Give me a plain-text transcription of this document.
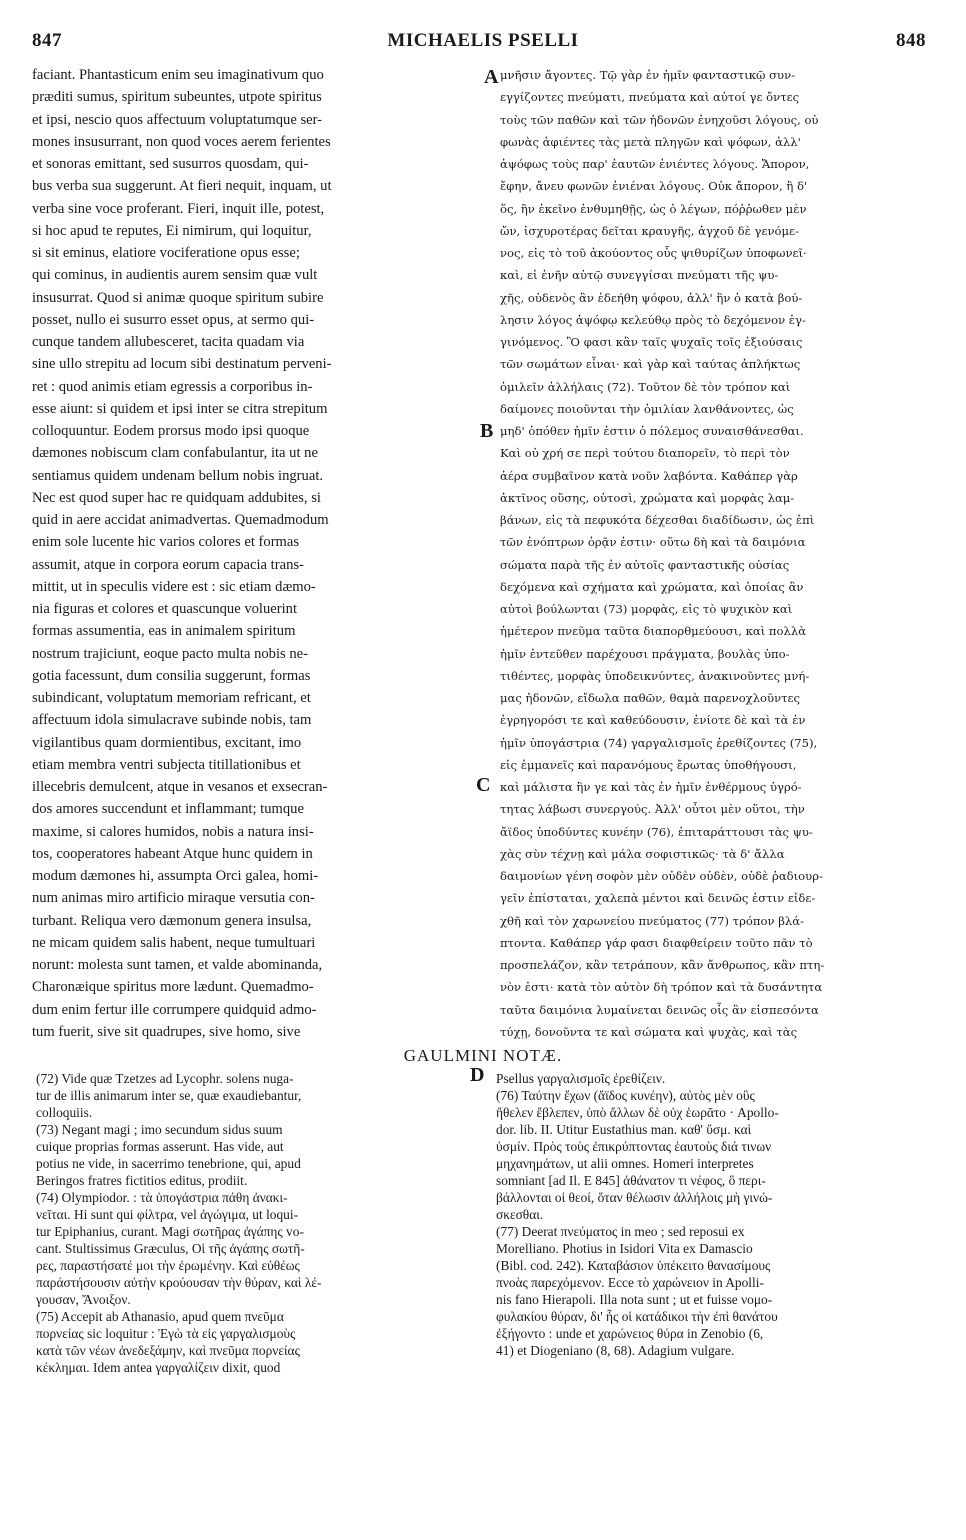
847	MICHAELIS PSELLI	848
faciant. Phantasticum enim seu imaginativum quo
præditi sumus, spiritum subeuntes, utpote spiritus
et ipsi, nescio quos affectuum voluptatumque ser-
mones insusurrant, non quod voces aerem ferientes
et sonoras emittant, sed susurros quosdam, qui-
bus verba sua suggerunt. At fieri nequit, inquam, ut
verba sine voce proferant. Fieri, inquit ille, potest,
si hoc apud te reputes, Ei nimirum, qui loquitur,
si sit eminus, elatiore vociferatione opus esse;
qui cominus, in audientis aurem sensim quæ vult
insusurrat. Quod si animæ quoque spiritum subire
posset, nullo ei susurro esset opus, at sermo qui-
cunque tandem allubesceret, tacita quadam via
sine ullo strepitu ad locum sibi destinatum perveni-
ret : quod animis etiam egressis a corporibus in-
esse aiunt: si quidem et ipsi inter se citra strepitum
colloquuntur. Eodem prorsus modo ipsi quoque
dæmones nobiscum clam confabulantur, ita ut ne
sentiamus quidem undenam bellum nobis ingruat.
Nec est quod super hac re quidquam addubites, si
quid in aere accidat animadvertas. Quemadmodum
enim sole lucente hic varios colores et formas
assumit, atque in corpora eorum capacia trans-
mittit, ut in speculis videre est : sic etiam dæmo-
nia figuras et colores et quascunque voluerint
formas assumentia, eas in animalem spiritum
nostrum trajiciunt, eoque pacto multa nobis ne-
gotia facessunt, dum consilia suggerunt, formas
subindicant, voluptatum memoriam refricant, et
affectuum idola simulacrave subinde nobis, tam
vigilantibus quam dormientibus, excitant, imo
etiam membra ventri subjecta titillationibus et
illecebris demulcent, atque in vesanos et exsecran-
dos amores succendunt et inflammant; tumque
maxime, si calores humidos, nobis a natura insi-
tos, cooperatores habeant Atque hunc quidem in
modum dæmones hi, assumpta Orci galea, homi-
num animas miro artificio miraque versutia con-
turbant. Reliqua vero dæmonum genera insulsa,
ne micam quidem salis habent, neque tumultuari
norunt: molesta sunt tamen, et valde abominanda,
Charonæique spiritus more lædunt. Quemadmo-
dum enim fertur ille corrumpere quidquid admo-
tum fuerit, sive sit quadrupes, sive homo, sive
μνῆσιν ἄγοντες. Τῷ γὰρ ἐν ἡμῖν φανταστικῷ συν-
εγγίζοντες πνεύματι, πνεύματα καὶ αὐτοί γε ὄντες
τοὺς τῶν παθῶν καὶ τῶν ἡδονῶν ἐνηχοῦσι λόγους, οὐ
φωνὰς ἀφιέντες τὰς μετὰ πληγῶν καὶ ψόφων, ἀλλ'
ἀψόφως τοὺς παρ' ἑαυτῶν ἐνιέντες λόγους. Ἄπορον,
ἔφην, ἄνευ φωνῶν ἐνιέναι λόγους. Οὐκ ἄπορον, ἢ δ'
ὅς, ἢν ἐκεῖνο ἐνθυμηθῇς, ὡς ὁ λέγων, πόῤῥωθεν μὲν
ὤν, ἰσχυροτέρας δεῖται κραυγῆς, ἀγχοῦ δὲ γενόμε-
νος, εἰς τὸ τοῦ ἀκούοντος οὖς ψιθυρίζων ὑποφωνεῖ·
καὶ, εἰ ἐνῆν αὐτῷ συνεγγίσαι πνεύματι τῆς ψυ-
χῆς, οὐδενὸς ἂν ἐδεήθη ψόφου, ἀλλ' ἣν ὁ κατὰ βού-
λησιν λόγος ἀψόφῳ κελεύθῳ πρὸς τὸ δεχόμενον ἐγ-
γινόμενος. Ὃ φασι κἂν ταῖς ψυχαῖς τοῖς ἐξιούσαις
τῶν σωμάτων εἶναι· καὶ γὰρ καὶ ταύτας ἀπλήκτως
ὁμιλεῖν ἀλλήλαις (72). Τοῦτον δὲ τὸν τρόπον καὶ
δαίμονες ποιοῦνται τὴν ὁμιλίαν λανθάνοντες, ὡς
μηδ' ὁπόθεν ἡμῖν ἐστιν ὁ πόλεμος συναισθάνεσθαι.
Καὶ οὐ χρή σε περὶ τούτου διαπορεῖν, τὸ περὶ τὸν
ἀέρα συμβαῖνον κατὰ νοῦν λαβόντα. Καθάπερ γὰρ
ἀκτῖνος οὔσης, οὑτοσὶ, χρώματα καὶ μορφὰς λαμ-
βάνων, εἰς τὰ πεφυκότα δέχεσθαι διαδίδωσιν, ὡς ἐπὶ
τῶν ἐνόπτρων ὁρᾷν ἐστιν· οὕτω δὴ καὶ τὰ δαιμόνια
σώματα παρὰ τῆς ἐν αὐτοῖς φανταστικῆς οὐσίας
δεχόμενα καὶ σχήματα καὶ χρώματα, καὶ ὁποίας ἂν
αὐτοὶ βούλωνται (73) μορφὰς, εἰς τὸ ψυχικὸν καὶ
ἡμέτερον πνεῦμα ταῦτα διαπορθμεύουσι, καὶ πολλὰ
ἡμῖν ἐντεῦθεν παρέχουσι πράγματα, βουλὰς ὑπο-
τιθέντες, μορφὰς ὑποδεικνύντες, ἀνακινοῦντες μνή-
μας ἡδονῶν, εἴδωλα παθῶν, θαμὰ παρενοχλοῦντες
ἐγρηγορόσι τε καὶ καθεύδουσιν, ἐνίοτε δὲ καὶ τὰ ἐν
ἡμῖν ὑπογάστρια (74) γαργαλισμοῖς ἐρεθίζοντες (75),
εἰς ἐμμανεῖς καὶ παρανόμους ἔρωτας ὑποθήγουσι,
καὶ μάλιστα ἢν γε καὶ τὰς ἐν ἡμῖν ἐνθέρμους ὑγρό-
τητας λάβωσι συνεργούς. Ἀλλ' οὗτοι μὲν οὕτοι, τὴν
ἄϊδος ὑποδύντες κυνέην (76), ἐπιταράττουσι τὰς ψυ-
χὰς σὺν τέχνῃ καὶ μάλα σοφιστικῶς· τὰ δ' ἄλλα
δαιμονίων γένη σοφὸν μὲν οὐδὲν οὐδὲν, οὐδὲ ῥαδιουρ-
γεῖν ἐπίσταται, χαλεπὰ μέντοι καὶ δεινῶς ἐστιν εἰδε-
χθῆ καὶ τὸν χαρωνείου πνεύματος (77) τρόπον βλά-
πτοντα. Καθάπερ γάρ φασι διαφθείρειν τοῦτο πᾶν τὸ
προσπελάζον, κἂν τετράπουν, κἂν ἄνθρωπος, κἂν πτη-
νὸν ἐστι· κατὰ τὸν αὐτὸν δὴ τρόπον καὶ τὰ δυσάντητα
ταῦτα δαιμόνια λυμαίνεται δεινῶς οἷς ἂν εἰσπεσόντα
τύχῃ, δονοῦντα τε καὶ σώματα καὶ ψυχὰς, καὶ τὰς
A
B
C
D
GAULMINI NOTÆ.
(72) Vide quæ Tzetzes ad Lycophr. solens nuga-
tur de illis animarum inter se, quæ exaudiebantur,
colloquiis.
(73) Negant magi ; imo secundum sidus suum
cuique proprias formas asserunt. Has vide, aut
potius ne vide, in sacerrimo tenebrione, qui, apud
Beringos fratres fictitios editus, prodiit.
(74) Olympiodor. : τὰ ὑπογάστρια πάθη ἀνακι-
νεῖται. Hi sunt qui φίλτρα, vel ἀγώγιμα, ut loqui-
tur Epiphanius, curant. Magi σωτῆρας ἀγάπης vo-
cant. Stultissimus Græculus, Οἱ τῆς ἀγάπης σωτῆ-
ρες, παραστήσατέ μοι τὴν ἐρωμένην. Καὶ εὐθέως
παράστήσουσιν αὐτὴν κρούουσαν τὴν θύραν, καὶ λέ-
γουσαν, Ἄνοιξον.
(75) Accepit ab Athanasio, apud quem πνεῦμα
πορνείας sic loquitur : Ἐγὼ τὰ εἰς γαργαλισμοὺς
κατὰ τῶν νέων ἀνεδεξάμην, καὶ πνεῦμα πορνείας
κέκλημαι. Idem antea γαργαλίζειν dixit, quod
Psellus γαργαλισμοῖς ἐρεθίζειν.
(76) Ταύτην ἔχων (ἄϊδος κυνέην), αὐτὸς μὲν οὓς
ἤθελεν ἔβλεπεν, ὑπὸ ἄλλων δὲ οὐχ ἑωρᾶτο · Apollo-
dor. lib. II. Utitur Eustathius man. καθ' ὕσμ. καὶ
ὑσμίν. Πρὸς τοὺς ἐπικρύπτοντας ἑαυτοὺς διά τινων
μηχανημάτων, ut alii omnes. Homeri interpretes
somniant [ad Il. E 845] ἀθάνατον τι νέφος, ὃ περι-
βάλλονται οἱ θεοί, ὅταν θέλωσιν ἀλλήλοις μὴ γινώ-
σκεσθαι.
(77) Deerat πνεύματος in meo ; sed reposui ex
Morelliano. Photius in Isidori Vita ex Damascio
(Bibl. cod. 242). Καταβάσιον ὑπέκειτο θανασίμους
πνοὰς παρεχόμενον. Ecce τὸ χαρώνειον in Apolli-
nis fano Hierapoli. Illa nota sunt ; ut et fuisse νομο-
φυλακίου θύραν, δι' ἧς οἱ κατάδικοι τὴν ἐπὶ θανάτου
ἐξήγοντο : unde et χαρώνειος θύρα in Zenobio (6,
41) et Diogeniano (8, 68). Adagium vulgare.
